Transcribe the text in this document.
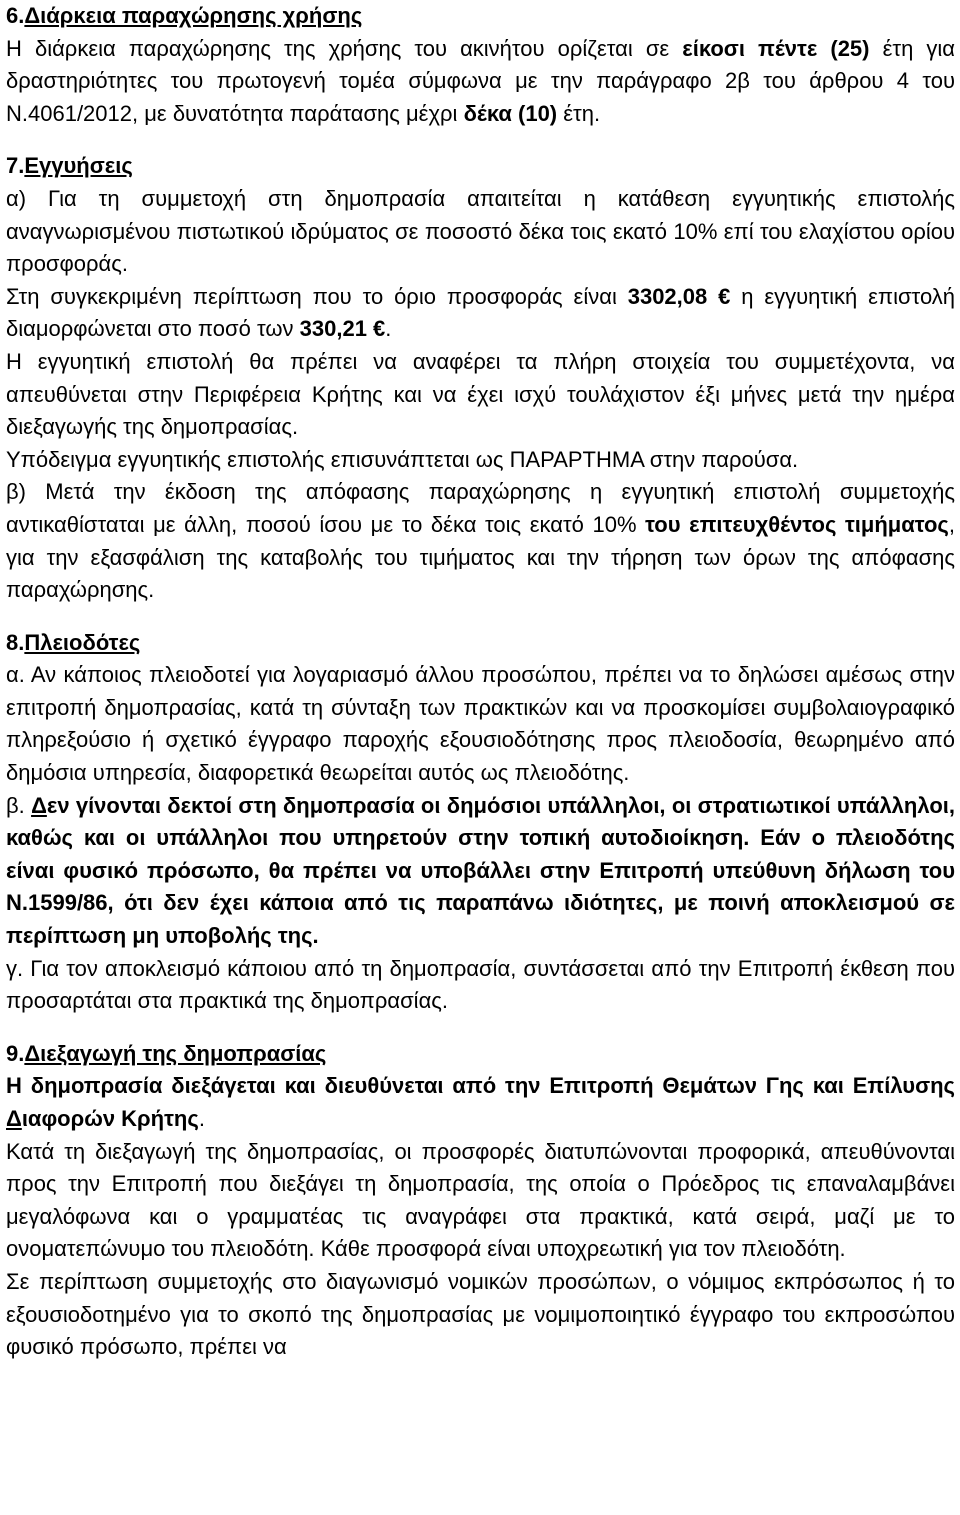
6.Διάρκεια παραχώρησης χρήσης

Η διάρκεια παραχώρησης της χρήσης του ακινήτου ορίζεται σε είκοσι πέντε (25) έτη για δραστηριότητες του πρωτογενή τομέα σύμφωνα με την παράγραφο 2β του άρθρου 4 του Ν.4061/2012, με δυνατότητα παράτασης μέχρι δέκα (10) έτη.

7.Εγγυήσεις

α) Για τη συμμετοχή στη δημοπρασία απαιτείται η κατάθεση εγγυητικής επιστολής αναγνωρισμένου πιστωτικού ιδρύματος σε ποσοστό δέκα τοις εκατό 10% επί του ελαχίστου ορίου προσφοράς.

Στη συγκεκριμένη περίπτωση που το όριο προσφοράς είναι 3302,08 € η εγγυητική επιστολή διαμορφώνεται στο ποσό των 330,21 €.

Η εγγυητική επιστολή θα πρέπει να αναφέρει τα πλήρη στοιχεία του συμμετέχοντα, να απευθύνεται στην Περιφέρεια Κρήτης και να έχει ισχύ τουλάχιστον έξι μήνες μετά την ημέρα διεξαγωγής της δημοπρασίας.

Υπόδειγμα εγγυητικής επιστολής επισυνάπτεται ως ΠΑΡΑΡΤΗΜΑ στην παρούσα.

β) Μετά την έκδοση της απόφασης παραχώρησης η εγγυητική επιστολή συμμετοχής αντικαθίσταται με άλλη, ποσού ίσου με το δέκα τοις εκατό 10% του επιτευχθέντος τιμήματος, για την εξασφάλιση της καταβολής του τιμήματος και την τήρηση των όρων της απόφασης παραχώρησης.

8.Πλειοδότες

α. Αν κάποιος πλειοδοτεί για λογαριασμό άλλου προσώπου, πρέπει να το δηλώσει αμέσως στην επιτροπή δημοπρασίας, κατά τη σύνταξη των πρακτικών και να προσκομίσει συμβολαιογραφικό πληρεξούσιο ή σχετικό έγγραφο παροχής εξουσιοδότησης προς πλειοδοσία, θεωρημένο από δημόσια υπηρεσία, διαφορετικά θεωρείται αυτός ως πλειοδότης.

β. Δεν γίνονται δεκτοί στη δημοπρασία οι δημόσιοι υπάλληλοι, οι στρατιωτικοί υπάλληλοι, καθώς και οι υπάλληλοι που υπηρετούν στην τοπική αυτοδιοίκηση. Εάν ο πλειοδότης είναι φυσικό πρόσωπο, θα πρέπει να υποβάλλει στην Επιτροπή υπεύθυνη δήλωση του Ν.1599/86, ότι δεν έχει κάποια από τις παραπάνω ιδιότητες, με ποινή αποκλεισμού σε περίπτωση μη υποβολής της.

γ. Για τον αποκλεισμό κάποιου από τη δημοπρασία, συντάσσεται από την Επιτροπή έκθεση που προσαρτάται στα πρακτικά της δημοπρασίας.

9.Διεξαγωγή της δημοπρασίας

Η δημοπρασία διεξάγεται και διευθύνεται από την Επιτροπή Θεμάτων Γης και Επίλυσης Διαφορών Κρήτης.

Κατά τη διεξαγωγή της δημοπρασίας, οι προσφορές διατυπώνονται προφορικά, απευθύνονται προς την Επιτροπή που διεξάγει τη δημοπρασία, της οποία ο Πρόεδρος τις επαναλαμβάνει μεγαλόφωνα και ο γραμματέας τις αναγράφει στα πρακτικά, κατά σειρά, μαζί με το ονοματεπώνυμο του πλειοδότη. Κάθε προσφορά είναι υποχρεωτική για τον πλειοδότη.

Σε περίπτωση συμμετοχής στο διαγωνισμό νομικών προσώπων, ο νόμιμος εκπρόσωπος ή το εξουσιοδοτημένο για το σκοπό της δημοπρασίας με νομιμοποιητικό έγγραφο του εκπροσώπου φυσικό πρόσωπο, πρέπει να
